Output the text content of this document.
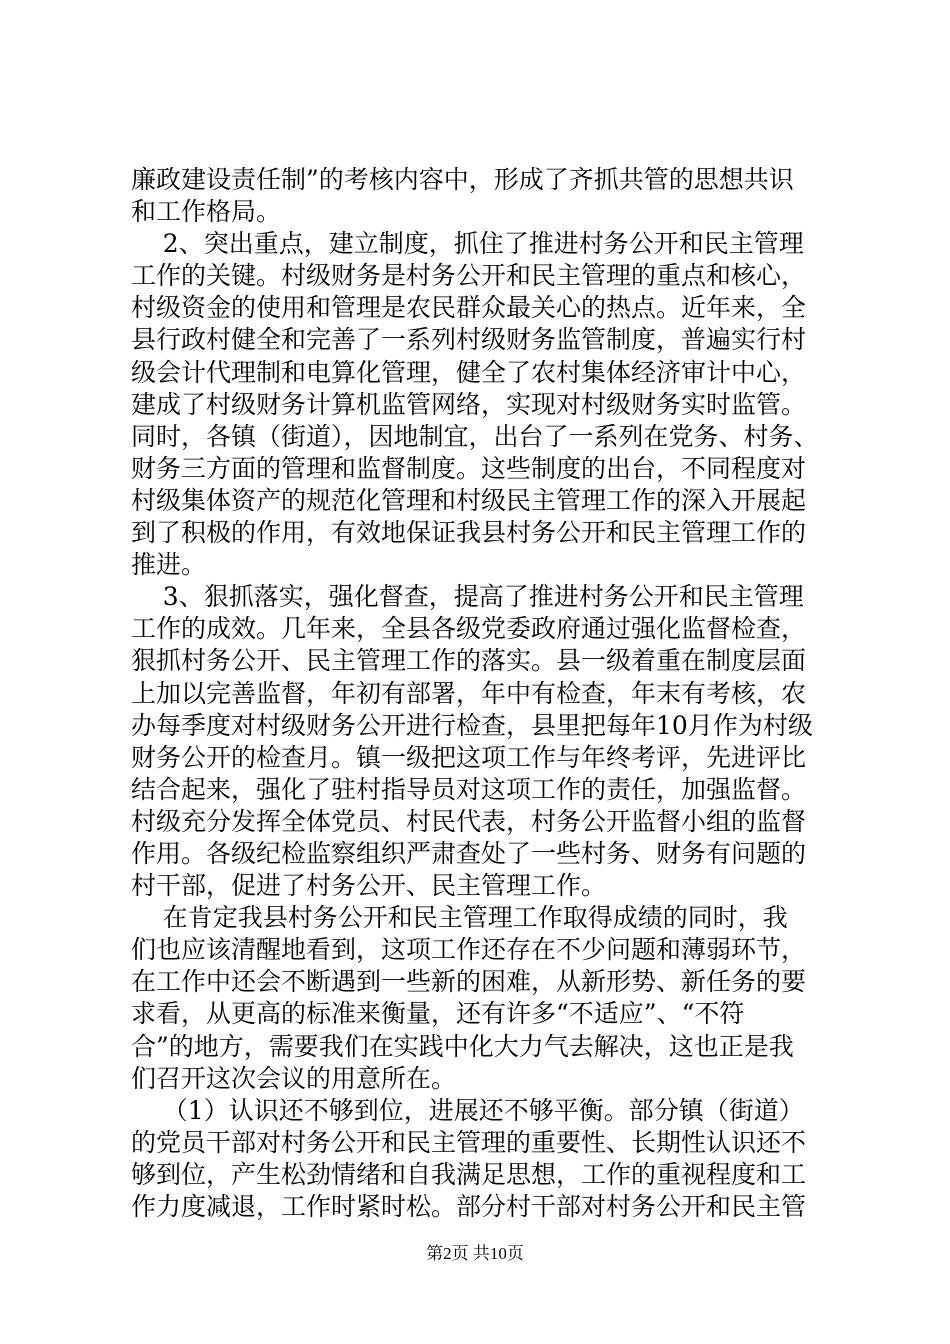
廉政建设责任制”的考核内容中，形成了齐抓共管的思想共识
和工作格局。
2、突出重点，建立制度，抓住了推进村务公开和民主管理
工作的关键。村级财务是村务公开和民主管理的重点和核心，
村级资金的使用和管理是农民群众最关心的热点。近年来，全
县行政村健全和完善了一系列村级财务监管制度，普遍实行村
级会计代理制和电算化管理，健全了农村集体经济审计中心，
建成了村级财务计算机监管网络，实现对村级财务实时监管。
同时，各镇（街道），因地制宜，出台了一系列在党务、村务、
财务三方面的管理和监督制度。这些制度的出台，不同程度对
村级集体资产的规范化管理和村级民主管理工作的深入开展起
到了积极的作用，有效地保证我县村务公开和民主管理工作的
推进。
3、狠抓落实，强化督查，提高了推进村务公开和民主管理
工作的成效。几年来，全县各级党委政府通过强化监督检查，
狠抓村务公开、民主管理工作的落实。县一级着重在制度层面
上加以完善监督，年初有部署，年中有检查，年末有考核，农
办每季度对村级财务公开进行检查，县里把每年10月作为村级
财务公开的检查月。镇一级把这项工作与年终考评，先进评比
结合起来，强化了驻村指导员对这项工作的责任，加强监督。
村级充分发挥全体党员、村民代表，村务公开监督小组的监督
作用。各级纪检监察组织严肃查处了一些村务、财务有问题的
村干部，促进了村务公开、民主管理工作。
在肯定我县村务公开和民主管理工作取得成绩的同时，我
们也应该清醒地看到，这项工作还存在不少问题和薄弱环节，
在工作中还会不断遇到一些新的困难，从新形势、新任务的要
求看，从更高的标准来衡量，还有许多“不适应”、“不符
合”的地方，需要我们在实践中化大力气去解决，这也正是我
们召开这次会议的用意所在。
（1）认识还不够到位，进展还不够平衡。部分镇（街道）
的党员干部对村务公开和民主管理的重要性、长期性认识还不
够到位，产生松劲情绪和自我满足思想，工作的重视程度和工
作力度减退，工作时紧时松。部分村干部对村务公开和民主管
第2页 共10页
